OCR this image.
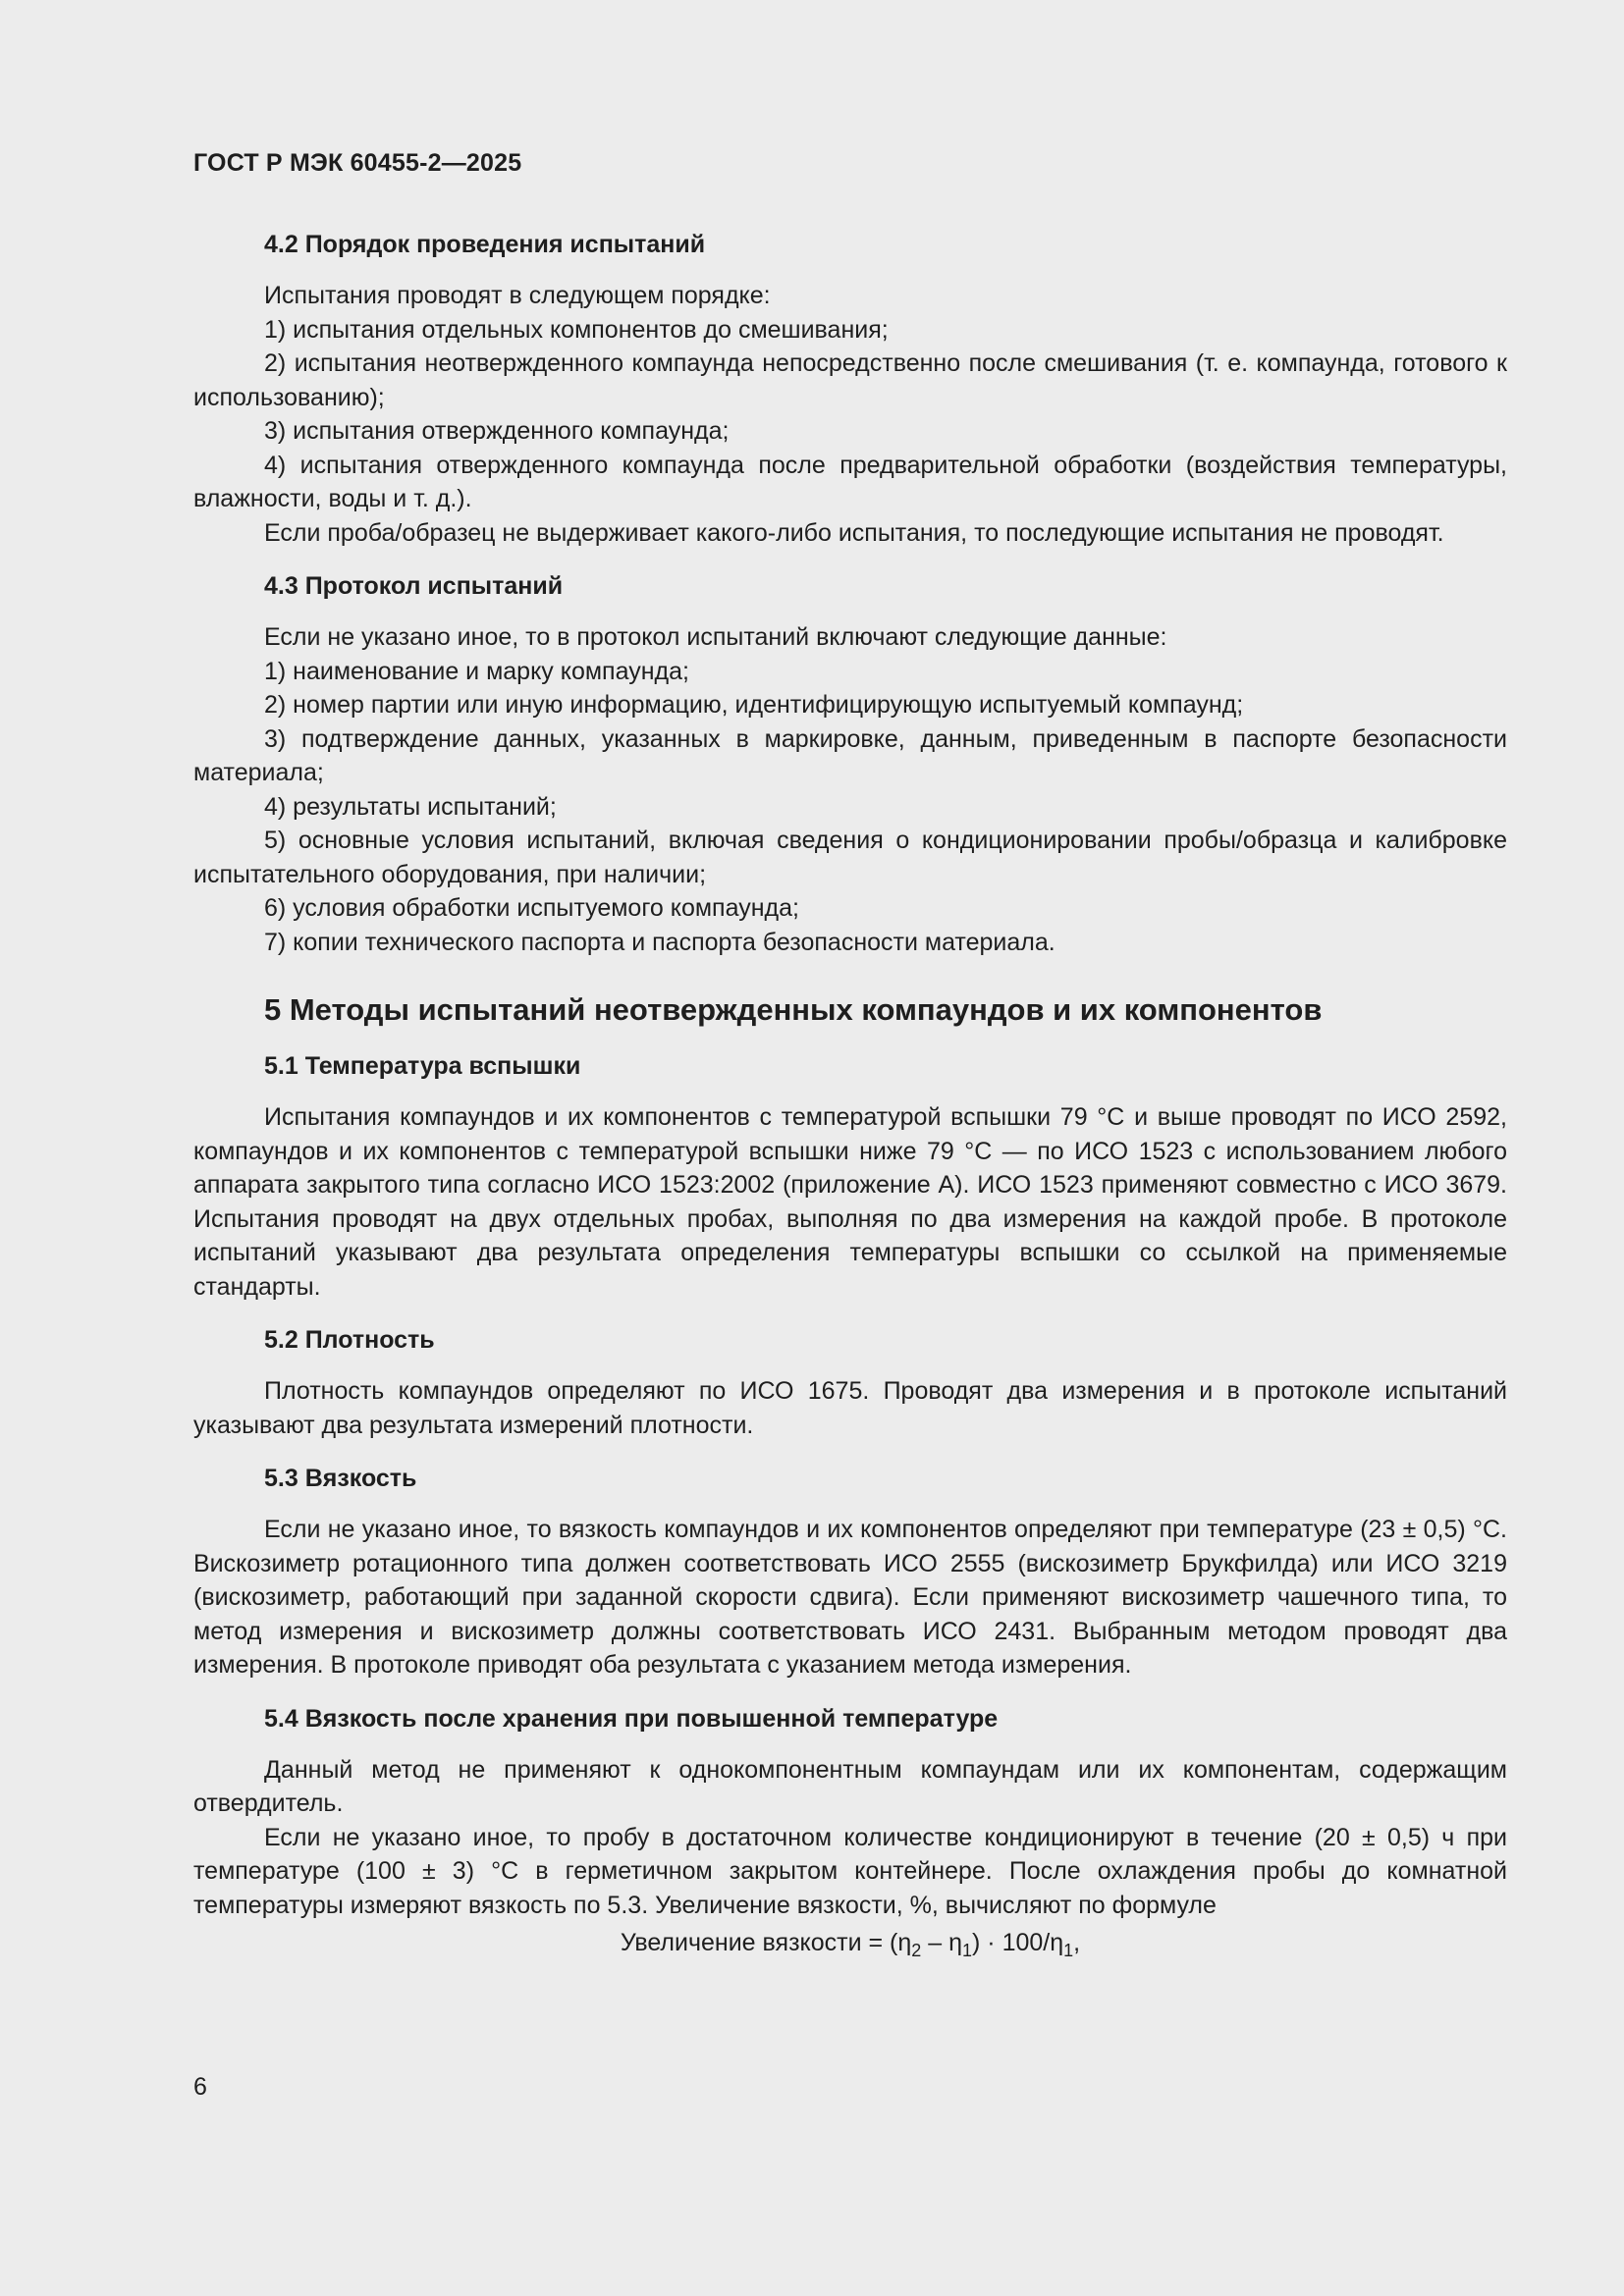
ГОСТ Р МЭК 60455-2—2025

4.2 Порядок проведения испытаний

Испытания проводят в следующем порядке:

1) испытания отдельных компонентов до смешивания;

2) испытания неотвержденного компаунда непосредственно после смешивания (т. е. компаунда, готового к использованию);

3) испытания отвержденного компаунда;

4) испытания отвержденного компаунда после предварительной обработки (воздействия температуры, влажности, воды и т. д.).

Если проба/образец не выдерживает какого-либо испытания, то последующие испытания не проводят.

4.3 Протокол испытаний

Если не указано иное, то в протокол испытаний включают следующие данные:

1) наименование и марку компаунда;

2) номер партии или иную информацию, идентифицирующую испытуемый компаунд;

3) подтверждение данных, указанных в маркировке, данным, приведенным в паспорте безопасности материала;

4) результаты испытаний;

5) основные условия испытаний, включая сведения о кондиционировании пробы/образца и калибровке испытательного оборудования, при наличии;

6) условия обработки испытуемого компаунда;

7) копии технического паспорта и паспорта безопасности материала.

5 Методы испытаний неотвержденных компаундов и их компонентов

5.1 Температура вспышки

Испытания компаундов и их компонентов с температурой вспышки 79 °С и выше проводят по ИСО 2592, компаундов и их компонентов с температурой вспышки ниже 79 °С — по ИСО 1523 с использованием любого аппарата закрытого типа согласно ИСО 1523:2002 (приложение А). ИСО 1523 применяют совместно с ИСО 3679. Испытания проводят на двух отдельных пробах, выполняя по два измерения на каждой пробе. В протоколе испытаний указывают два результата определения температуры вспышки со ссылкой на применяемые стандарты.

5.2 Плотность

Плотность компаундов определяют по ИСО 1675. Проводят два измерения и в протоколе испытаний указывают два результата измерений плотности.

5.3 Вязкость

Если не указано иное, то вязкость компаундов и их компонентов определяют при температуре (23 ± 0,5) °С. Вискозиметр ротационного типа должен соответствовать ИСО 2555 (вискозиметр Брукфилда) или ИСО 3219 (вискозиметр, работающий при заданной скорости сдвига). Если применяют вискозиметр чашечного типа, то метод измерения и вискозиметр должны соответствовать ИСО 2431. Выбранным методом проводят два измерения. В протоколе приводят оба результата с указанием метода измерения.

5.4 Вязкость после хранения при повышенной температуре

Данный метод не применяют к однокомпонентным компаундам или их компонентам, содержащим отвердитель.

Если не указано иное, то пробу в достаточном количестве кондиционируют в течение (20 ± 0,5) ч при температуре (100 ± 3) °С в герметичном закрытом контейнере. После охлаждения пробы до комнатной температуры измеряют вязкость по 5.3. Увеличение вязкости, %, вычисляют по формуле

Увеличение вязкости = $(\eta_2 - \eta_1) \cdot 100/\eta_1$,

6
